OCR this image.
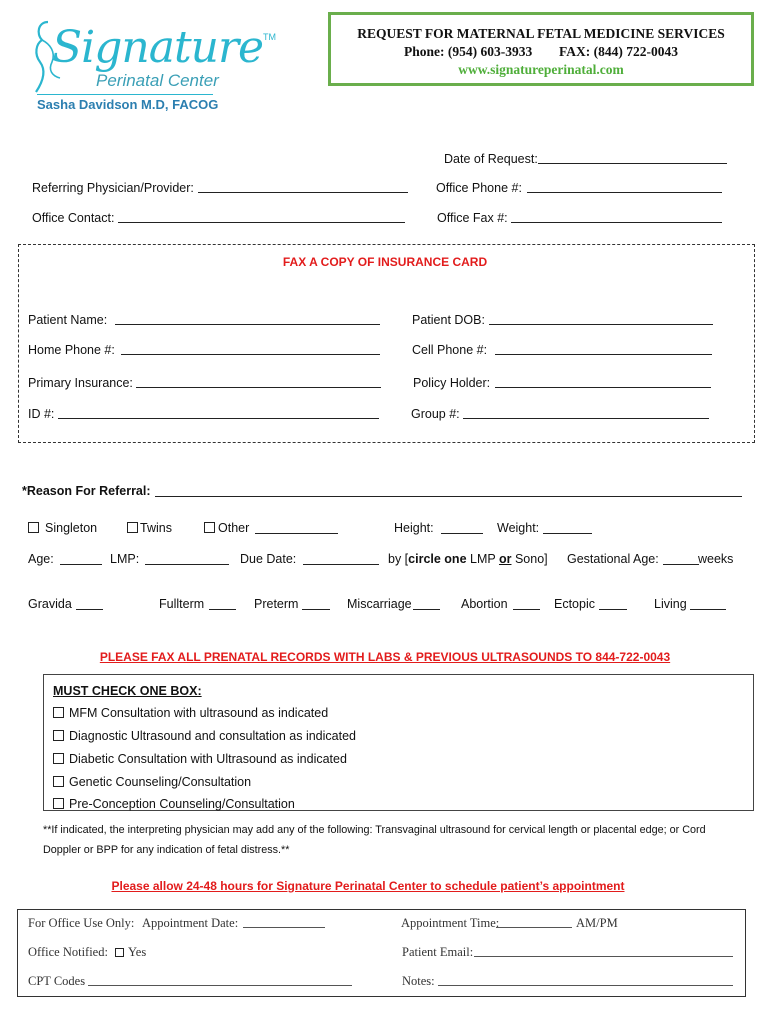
Signature™
Perinatal Center
Sasha Davidson M.D, FACOG
REQUEST FOR MATERNAL FETAL MEDICINE SERVICES
Phone: (954) 603-3933 FAX: (844) 722-0043
www.signatureperinatal.com
Date of Request:
Referring Physician/Provider:	Office Phone #:
Office Contact:	Office Fax #:
FAX A COPY OF INSURANCE CARD
Patient Name:	Patient DOB:
Home Phone #:	Cell Phone #:
Primary Insurance:	Policy Holder:
ID #:	Group #:
*Reason For Referral:
Singleton	Twins	Other	Height:	Weight:
Age:	LMP:	Due Date:	by [circle one LMP or Sono] Gestational Age:	weeks
Gravida	Fullterm	Preterm	Miscarriage	Abortion	Ectopic	Living
PLEASE FAX ALL PRENATAL RECORDS WITH LABS & PREVIOUS ULTRASOUNDS TO 844-722-0043
MUST CHECK ONE BOX:
MFM Consultation with ultrasound as indicated
Diagnostic Ultrasound and consultation as indicated
Diabetic Consultation with Ultrasound as indicated
Genetic Counseling/Consultation
Pre-Conception Counseling/Consultation
**If indicated, the interpreting physician may add any of the following: Transvaginal ultrasound for cervical length or placental edge; or Cord
Doppler or BPP for any indication of fetal distress.**
Please allow 24-48 hours for Signature Perinatal Center to schedule patient’s appointment
For Office Use Only: Appointment Date:	Appointment Time:	AM/PM
Office Notified:	Yes	Patient Email:
CPT Codes	Notes:
